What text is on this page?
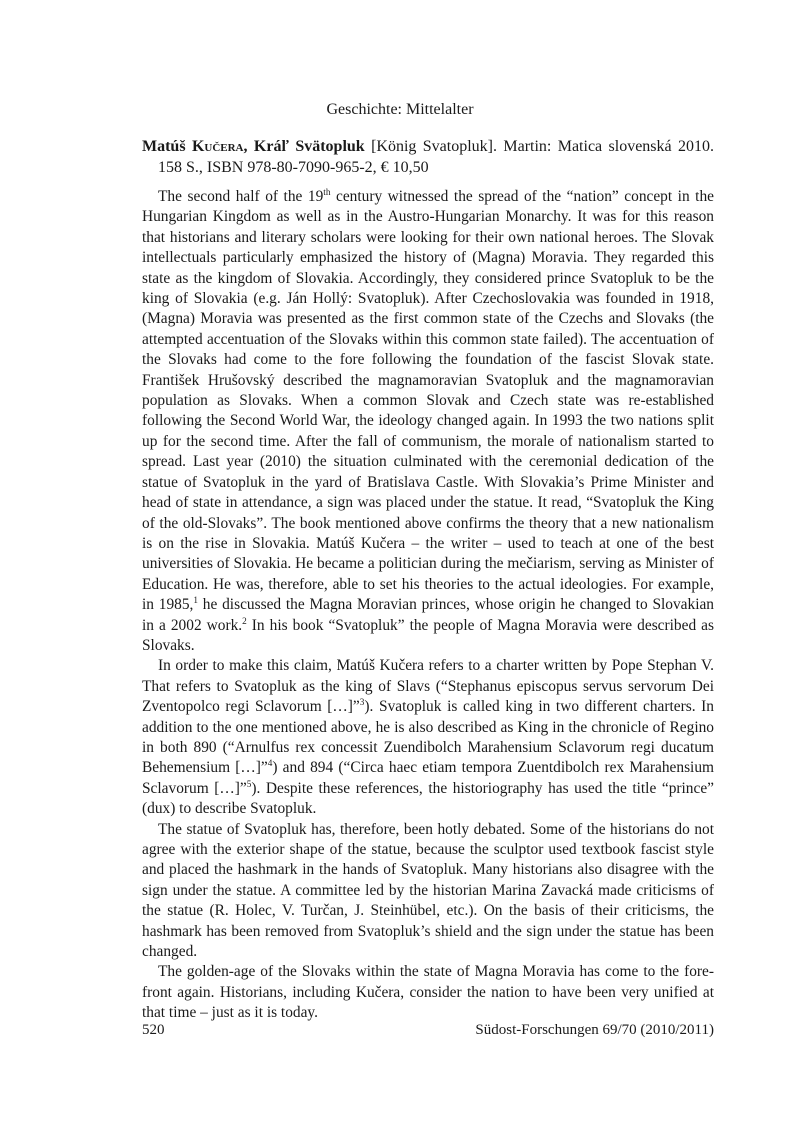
Geschichte: Mittelalter

Matúš Kučera, Kráľ Svätopluk [König Svatopluk]. Martin: Matica slovenská 2010. 158 S., ISBN 978-80-7090-965-2, € 10,50

The second half of the 19th century witnessed the spread of the “nation” concept in the Hungarian Kingdom as well as in the Austro-Hungarian Monarchy. It was for this reason that historians and literary scholars were looking for their own national heroes. The Slovak intellectuals particularly emphasized the history of (Magna) Moravia. They regarded this state as the kingdom of Slovakia. Accordingly, they considered prince Svatopluk to be the king of Slovakia (e.g. Ján Hollý: Svatopluk). After Czechoslovakia was founded in 1918, (Magna) Moravia was presented as the first common state of the Czechs and Slovaks (the attempted accentuation of the Slovaks within this common state failed). The accentuation of the Slovaks had come to the fore following the foundation of the fascist Slovak state. František Hrušovský described the magnamoravian Svatopluk and the magnamoravian population as Slovaks. When a common Slovak and Czech state was re-established following the Second World War, the ideology changed again. In 1993 the two nations split up for the second time. After the fall of communism, the morale of nationalism started to spread. Last year (2010) the situation culminated with the ceremonial dedication of the statue of Svatopluk in the yard of Bratislava Castle. With Slovakia’s Prime Minister and head of state in attendance, a sign was placed under the statue. It read, “Svatopluk the King of the old-Slovaks”. The book mentioned above confirms the theory that a new nationalism is on the rise in Slovakia. Matúš Kučera – the writer – used to teach at one of the best universities of Slovakia. He became a politician during the mečiarism, serving as Minister of Education. He was, therefore, able to set his theories to the actual ideologies. For example, in 1985,$^1$ he discussed the Magna Moravian princes, whose origin he changed to Slovakian in a 2002 work.$^2$ In his book “Svatopluk” the people of Magna Moravia were described as Slovaks.

In order to make this claim, Matúš Kučera refers to a charter written by Pope Stephan V. That refers to Svatopluk as the king of Slavs (“Stephanus episcopus servus servorum Dei Zventopolco regi Sclavorum […]”$^3$). Svatopluk is called king in two different charters. In addition to the one mentioned above, he is also described as King in the chronicle of Regino in both 890 (“Arnulfus rex concessit Zuendibolch Marahensium Sclavorum regi ducatum Behemensium […]”$^4$) and 894 (“Circa haec etiam tempora Zuentdibolch rex Marahensium Sclavorum […]”$^5$). Despite these references, the historiography has used the title “prince” (dux) to describe Svatopluk.

The statue of Svatopluk has, therefore, been hotly debated. Some of the historians do not agree with the exterior shape of the statue, because the sculptor used textbook fascist style and placed the hashmark in the hands of Svatopluk. Many historians also disagree with the sign under the statue. A committee led by the historian Marina Zavacká made criticisms of the statue (R. Holec, V. Turčan, J. Steinhübel, etc.). On the basis of their criticisms, the hashmark has been removed from Svatopluk’s shield and the sign under the statue has been changed.

The golden-age of the Slovaks within the state of Magna Moravia has come to the forefront again. Historians, including Kučera, consider the nation to have been very unified at that time – just as it is today.

520	Südost-Forschungen 69/70 (2010/2011)
